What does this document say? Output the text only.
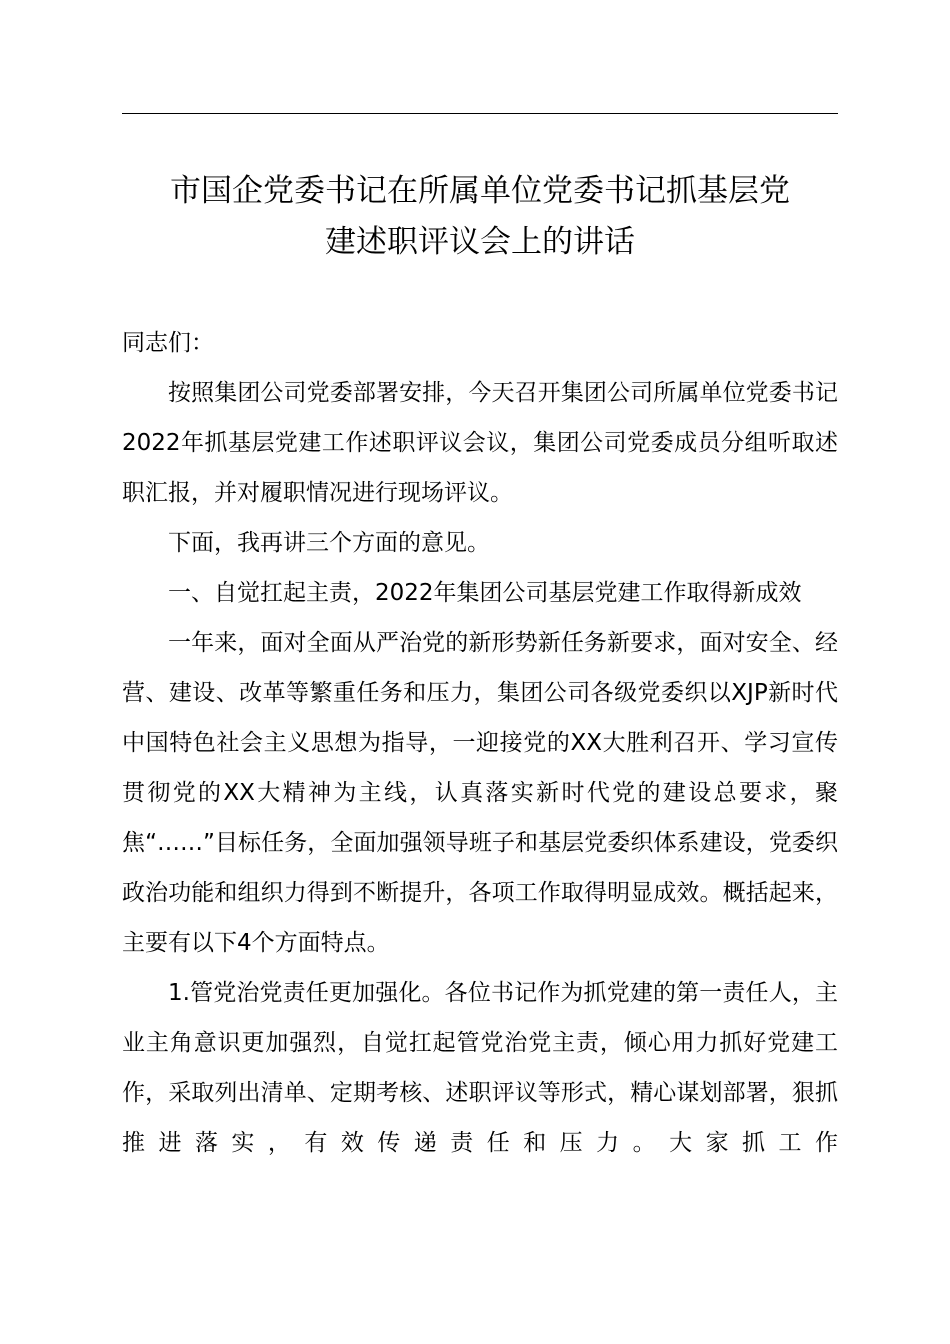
市国企党委书记在所属单位党委书记抓基层党
建述职评议会上的讲话

同志们：

按照集团公司党委部署安排，今天召开集团公司所属单位党委书记2022年抓基层党建工作述职评议会议，集团公司党委成员分组听取述职汇报，并对履职情况进行现场评议。

下面，我再讲三个方面的意见。

一、自觉扛起主责，2022年集团公司基层党建工作取得新成效

一年来，面对全面从严治党的新形势新任务新要求，面对安全、经营、建设、改革等繁重任务和压力，集团公司各级党委织以XJP新时代中国特色社会主义思想为指导，一迎接党的XX大胜利召开、学习宣传贯彻党的XX大精神为主线，认真落实新时代党的建设总要求，聚焦“……”目标任务，全面加强领导班子和基层党委织体系建设，党委织政治功能和组织力得到不断提升，各项工作取得明显成效。概括起来，主要有以下4个方面特点。

1.管党治党责任更加强化。各位书记作为抓党建的第一责任人，主业主角意识更加强烈，自觉扛起管党治党主责，倾心用力抓好党建工作，采取列出清单、定期考核、述职评议等形式，精心谋划部署，狠抓推进落实，有效传递责任和压力。大家抓工作
